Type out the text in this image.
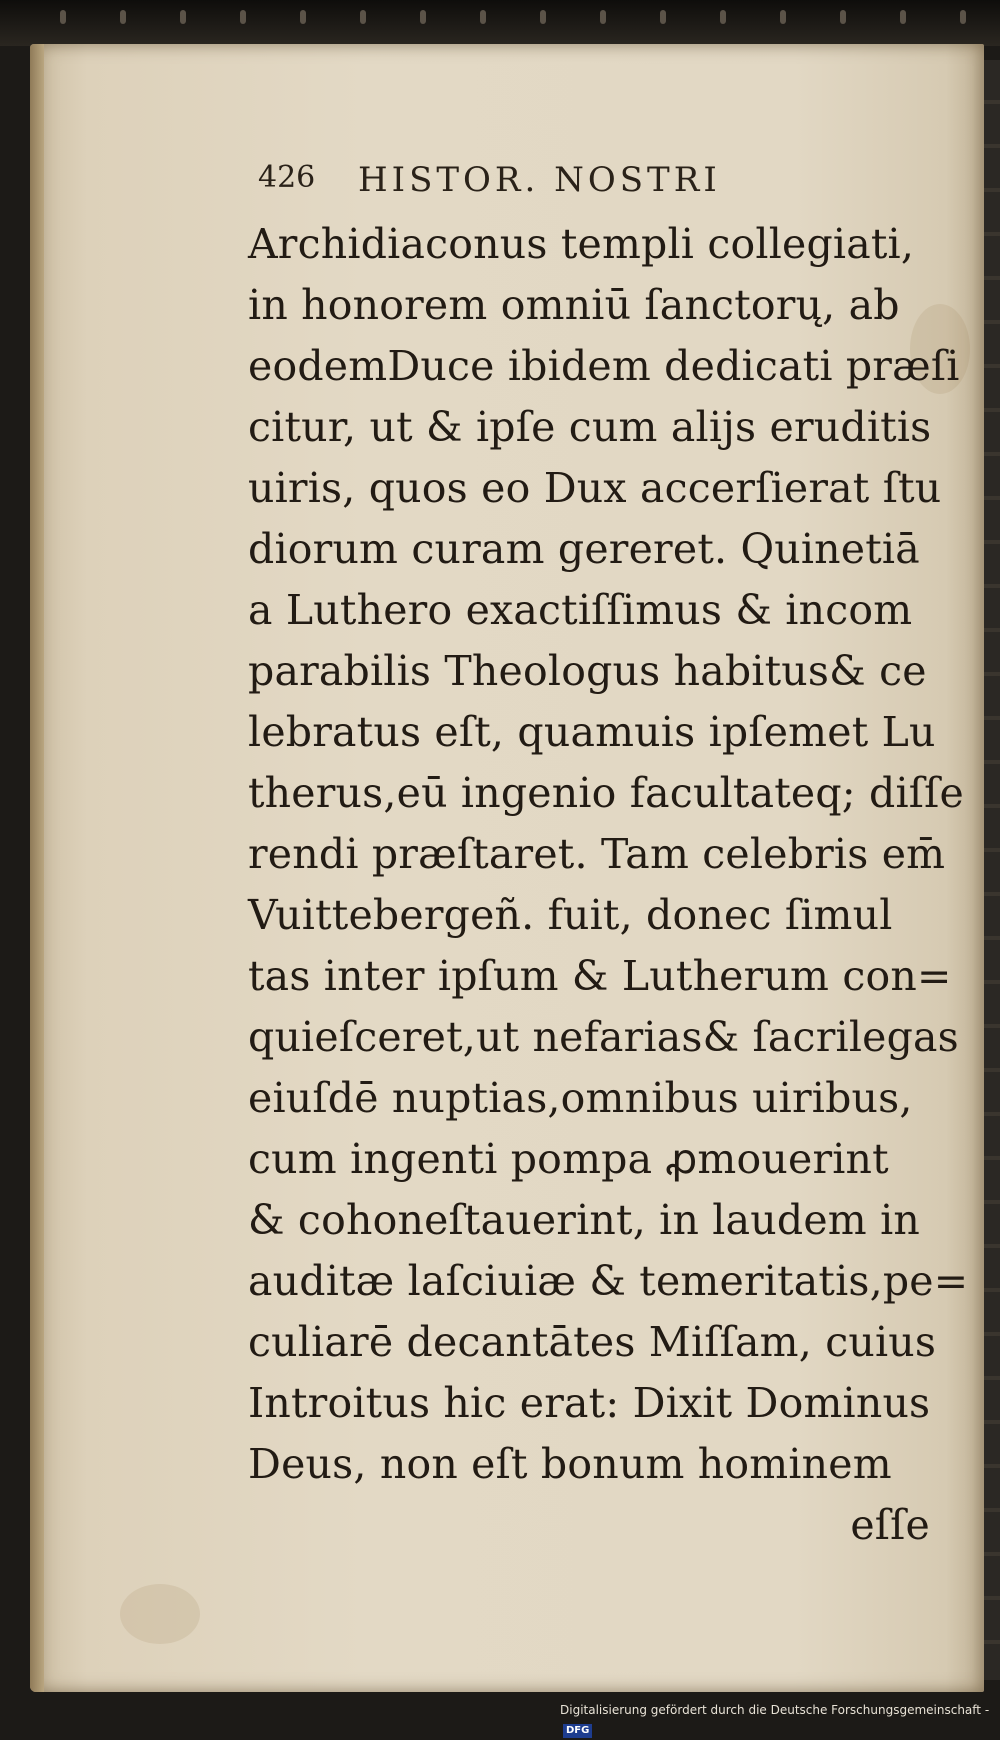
426 HISTOR. NOSTRI
Archidiaconus templi collegiati,
in honorem omniū ſanctorų, ab
eodemDuce ibidem dedicati præſi
citur, ut & ipſe cum alijs eruditis
uiris, quos eo Dux accerſierat ſtu
diorum curam gereret. Quinetiā
a Luthero exactiſſimus & incom
parabilis Theologus habitus& ce
lebratus eſt, quamuis ipſemet Lu
therus,eū ingenio facultateq; diſſe
rendi præſtaret. Tam celebris em̄
Vuittebergeñ. fuit, donec ſimul
tas inter ipſum & Lutherum con=
quieſceret,ut nefarias& ſacrilegas
eiuſdē nuptias,omnibus uiribus,
cum ingenti pompa ꝓmouerint
& cohoneſtauerint, in laudem in
auditæ laſciuiæ & temeritatis,pe=
culiarē decantātes Miſſam, cuius
Introitus hic erat: Dixit Dominus
Deus, non eſt bonum hominem
eſſe
Digitalisierung gefördert durch die Deutsche Forschungsgemeinschaft - DFG
